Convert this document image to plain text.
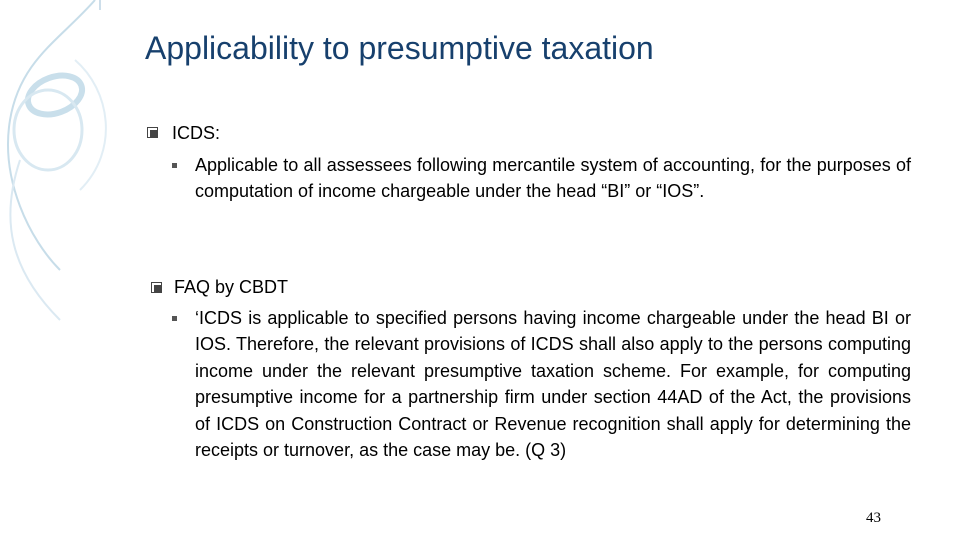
Applicability to presumptive taxation
ICDS:
Applicable to all assessees following mercantile system of accounting, for the purposes of computation of income chargeable under the head “BI” or “IOS”.
FAQ by CBDT
‘ICDS is applicable to specified persons having income chargeable under the head BI or IOS. Therefore, the relevant provisions of ICDS shall also apply to the persons computing income under the relevant presumptive taxation scheme. For example, for computing presumptive income for a partnership firm under section 44AD of the Act, the provisions of ICDS on Construction Contract or Revenue recognition shall apply for determining the receipts or turnover, as the case may be. (Q 3)
43
